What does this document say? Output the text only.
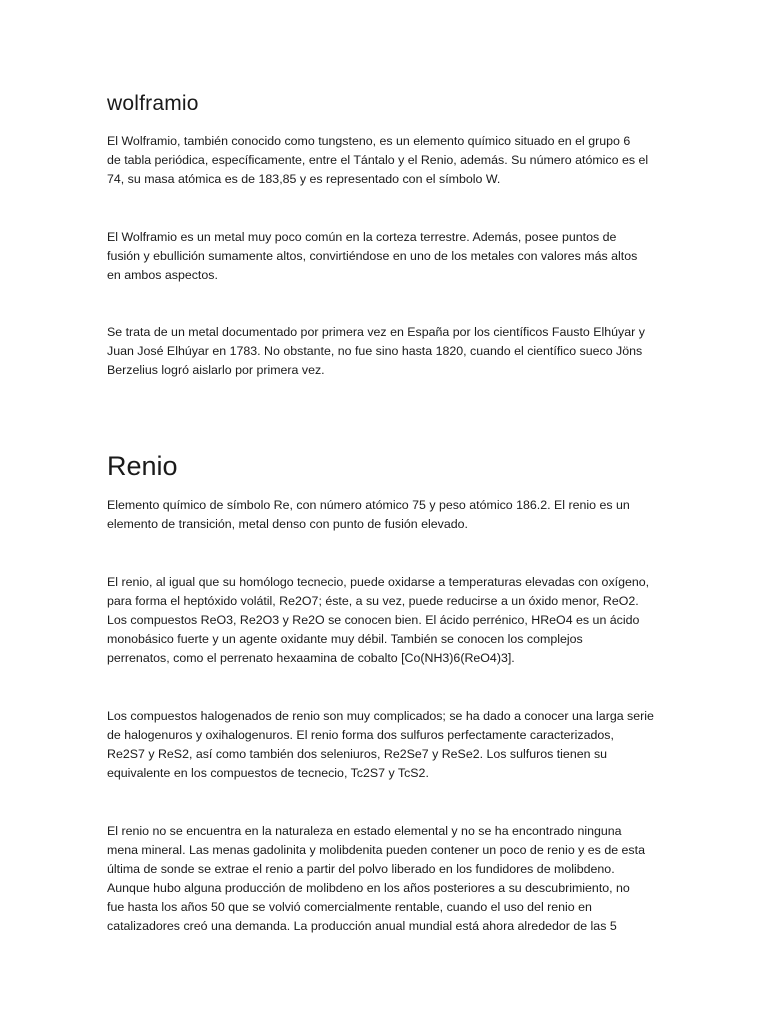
wolframio

El Wolframio, también conocido como tungsteno, es un elemento químico situado en el grupo 6
de tabla periódica, específicamente, entre el Tántalo y el Renio, además. Su número atómico es el
74, su masa atómica es de 183,85 y es representado con el símbolo W.

El Wolframio es un metal muy poco común en la corteza terrestre. Además, posee puntos de
fusión y ebullición sumamente altos, convirtiéndose en uno de los metales con valores más altos
en ambos aspectos.

Se trata de un metal documentado por primera vez en España por los científicos Fausto Elhúyar y
Juan José Elhúyar en 1783. No obstante, no fue sino hasta 1820, cuando el científico sueco Jöns
Berzelius logró aislarlo por primera vez.

Renio

Elemento químico de símbolo Re, con número atómico 75 y peso atómico 186.2. El renio es un
elemento de transición, metal denso con punto de fusión elevado.

El renio, al igual que su homólogo tecnecio, puede oxidarse a temperaturas elevadas con oxígeno,
para forma el heptóxido volátil, Re2O7; éste, a su vez, puede reducirse a un óxido menor, ReO2.
Los compuestos ReO3, Re2O3 y Re2O se conocen bien. El ácido perrénico, HReO4 es un ácido
monobásico fuerte y un agente oxidante muy débil. También se conocen los complejos
perrenatos, como el perrenato hexaamina de cobalto [Co(NH3)6(ReO4)3].

Los compuestos halogenados de renio son muy complicados; se ha dado a conocer una larga serie
de halogenuros y oxihalogenuros. El renio forma dos sulfuros perfectamente caracterizados,
Re2S7 y ReS2, así como también dos seleniuros, Re2Se7 y ReSe2. Los sulfuros tienen su
equivalente en los compuestos de tecnecio, Tc2S7 y TcS2.

El renio no se encuentra en la naturaleza en estado elemental y no se ha encontrado ninguna
mena mineral. Las menas gadolinita y molibdenita pueden contener un poco de renio y es de esta
última de sonde se extrae el renio a partir del polvo liberado en los fundidores de molibdeno.
Aunque hubo alguna producción de molibdeno en los años posteriores a su descubrimiento, no
fue hasta los años 50 que se volvió comercialmente rentable, cuando el uso del renio en
catalizadores creó una demanda. La producción anual mundial está ahora alrededor de las 5
